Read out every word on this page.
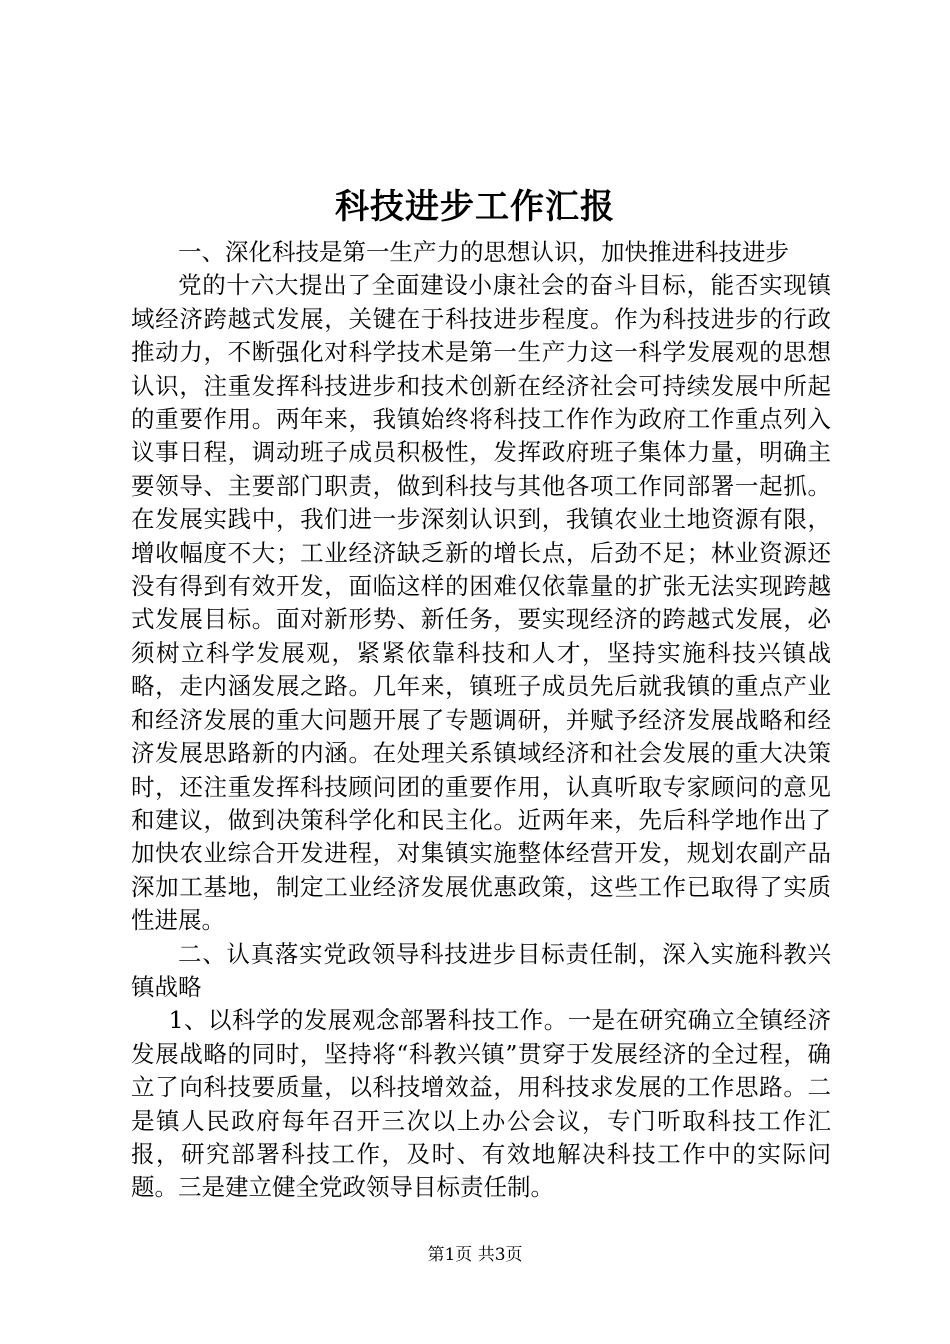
科技进步工作汇报

一、深化科技是第一生产力的思想认识，加快推进科技进步

党的十六大提出了全面建设小康社会的奋斗目标，能否实现镇域经济跨越式发展，关键在于科技进步程度。作为科技进步的行政推动力，不断强化对科学技术是第一生产力这一科学发展观的思想认识，注重发挥科技进步和技术创新在经济社会可持续发展中所起的重要作用。两年来，我镇始终将科技工作作为政府工作重点列入议事日程，调动班子成员积极性，发挥政府班子集体力量，明确主要领导、主要部门职责，做到科技与其他各项工作同部署一起抓。在发展实践中，我们进一步深刻认识到，我镇农业土地资源有限，增收幅度不大；工业经济缺乏新的增长点，后劲不足；林业资源还没有得到有效开发，面临这样的困难仅依靠量的扩张无法实现跨越式发展目标。面对新形势、新任务，要实现经济的跨越式发展，必须树立科学发展观，紧紧依靠科技和人才，坚持实施科技兴镇战略，走内涵发展之路。几年来，镇班子成员先后就我镇的重点产业和经济发展的重大问题开展了专题调研，并赋予经济发展战略和经济发展思路新的内涵。在处理关系镇域经济和社会发展的重大决策时，还注重发挥科技顾问团的重要作用，认真听取专家顾问的意见和建议，做到决策科学化和民主化。近两年来，先后科学地作出了加快农业综合开发进程，对集镇实施整体经营开发，规划农副产品深加工基地，制定工业经济发展优惠政策，这些工作已取得了实质性进展。

二、认真落实党政领导科技进步目标责任制，深入实施科教兴镇战略

1、以科学的发展观念部署科技工作。一是在研究确立全镇经济发展战略的同时，坚持将“科教兴镇”贯穿于发展经济的全过程，确立了向科技要质量，以科技增效益，用科技求发展的工作思路。二是镇人民政府每年召开三次以上办公会议，专门听取科技工作汇报，研究部署科技工作，及时、有效地解决科技工作中的实际问题。三是建立健全党政领导目标责任制。

第1页 共3页
